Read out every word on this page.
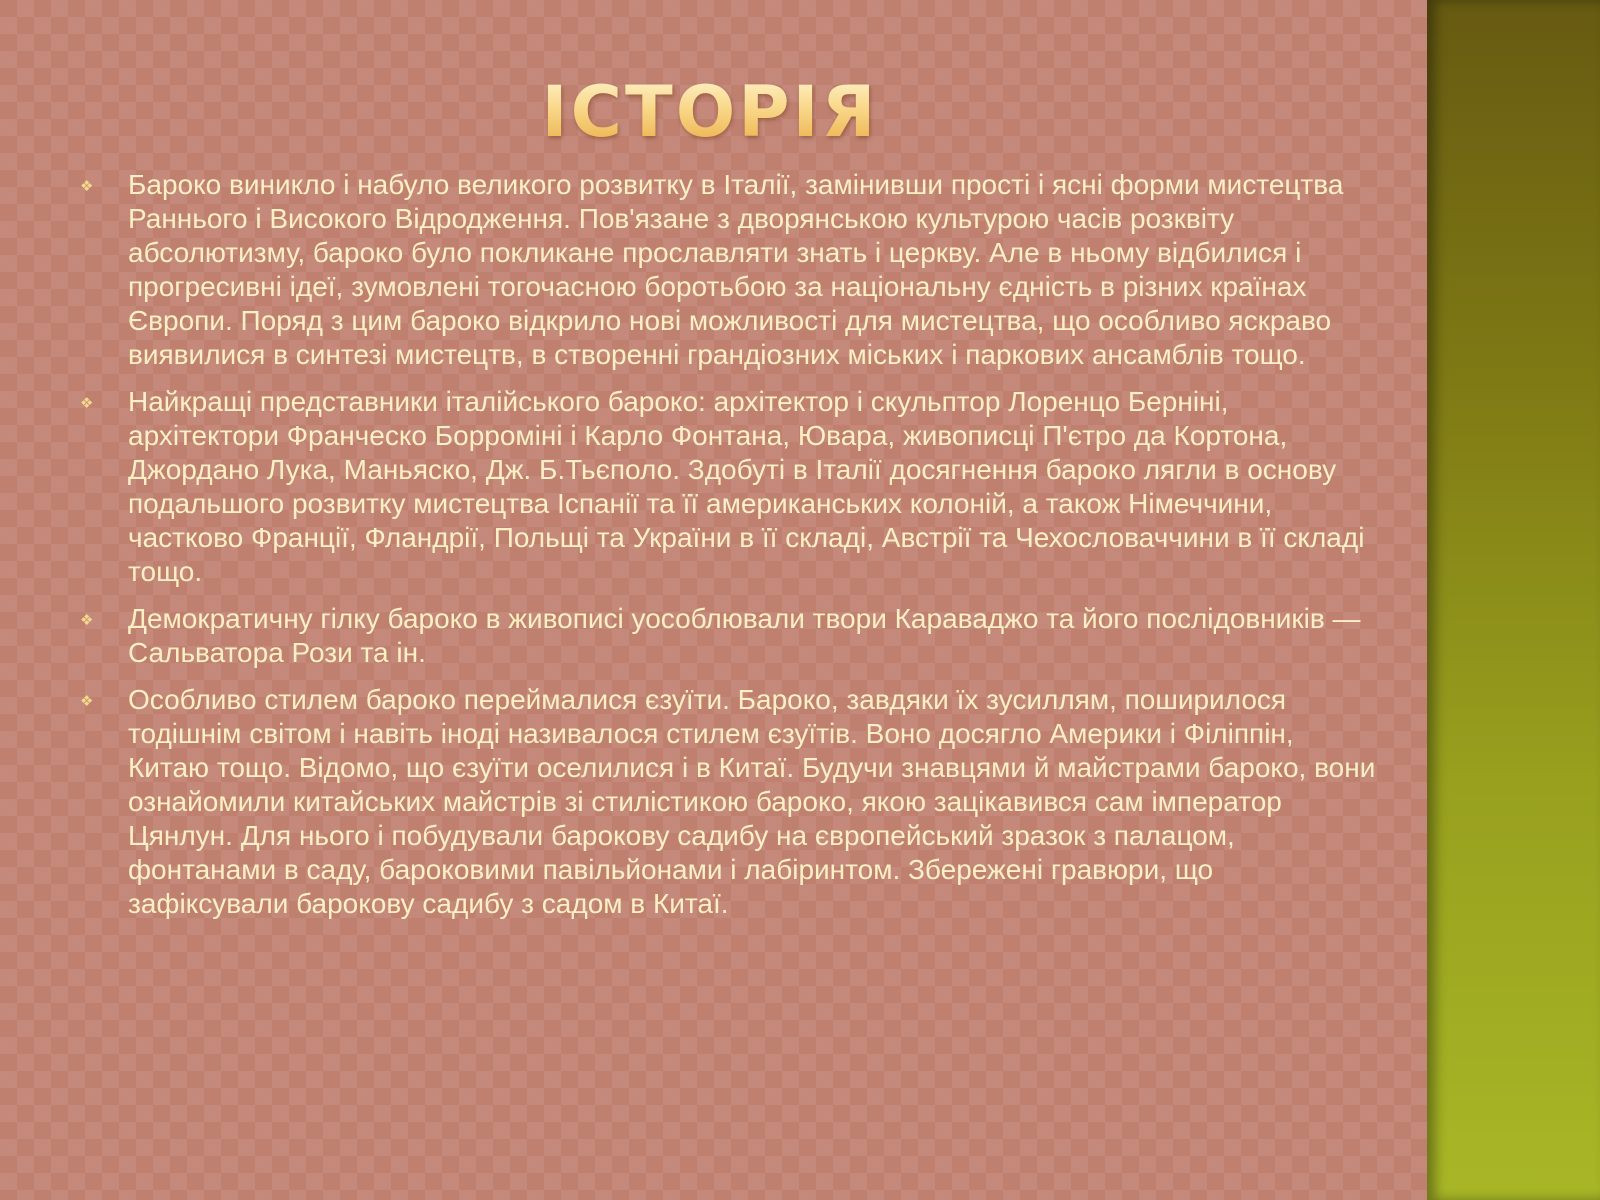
ІСТОРІЯ
❖ Бароко виникло і набуло великого розвитку в Італії, замінивши прості і ясні форми мистецтва Раннього і Високого Відродження. Пов'язане з дворянською культурою часів розквіту абсолютизму, бароко було покликане прославляти знать і церкву. Але в ньому відбилися і прогресивні ідеї, зумовлені тогочасною боротьбою за національну єдність в різних країнах Європи. Поряд з цим бароко відкрило нові можливості для мистецтва, що особливо яскраво виявилися в синтезі мистецтв, в створенні грандіозних міських і паркових ансамблів тощо.
❖ Найкращі представники італійського бароко: архітектор і скульптор Лоренцо Берніні, архітектори Франческо Борроміні і Карло Фонтана, Ювара, живописці П'єтро да Кортона, Джордано Лука, Маньяско, Дж. Б.Тьєполо. Здобуті в Італії досягнення бароко лягли в основу подальшого розвитку мистецтва Іспанії та її американських колоній, а також Німеччини, частково Франції, Фландрії, Польщі та України в її складі, Австрії та Чехословаччини в її складі тощо.
❖ Демократичну гілку бароко в живописі уособлювали твори Караваджо та його послідовників — Сальватора Рози та ін.
❖ Особливо стилем бароко переймалися єзуїти. Бароко, завдяки їх зусиллям, поширилося тодішнім світом і навіть іноді називалося стилем єзуїтів. Воно досягло Америки і Філіппін, Китаю тощо. Відомо, що єзуїти оселилися і в Китаї. Будучи знавцями й майстрами бароко, вони ознайомили китайських майстрів зі стилістикою бароко, якою зацікавився сам імператор Цянлун. Для нього і побудували барокову садибу на європейський зразок з палацом, фонтанами в саду, бароковими павільйонами і лабіринтом. Збережені гравюри, що зафіксували барокову садибу з садом в Китаї.
